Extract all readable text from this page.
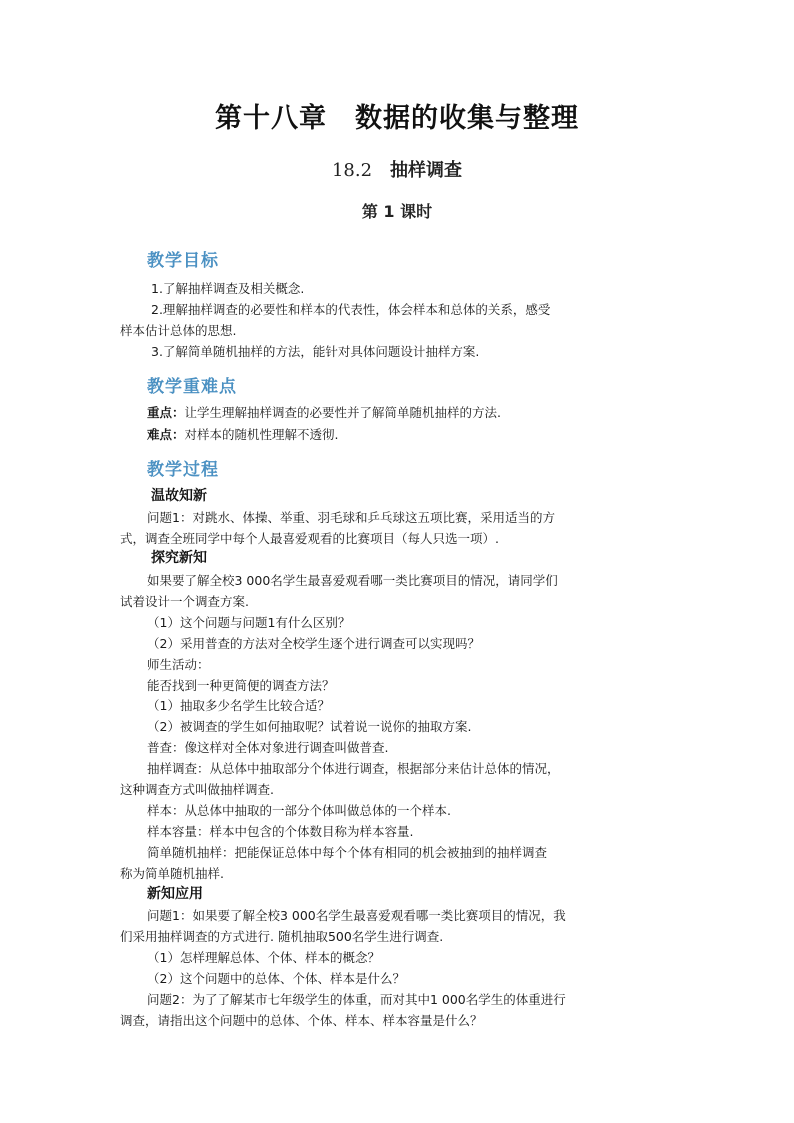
第十八章　数据的收集与整理
18.2 抽样调查
第 1 课时
教学目标
1.了解抽样调查及相关概念.
2.理解抽样调查的必要性和样本的代表性，体会样本和总体的关系，感受
样本估计总体的思想.
3.了解简单随机抽样的方法，能针对具体问题设计抽样方案.
教学重难点
重点：让学生理解抽样调查的必要性并了解简单随机抽样的方法.
难点：对样本的随机性理解不透彻.
教学过程
温故知新
问题1：对跳水、体操、举重、羽毛球和乒乓球这五项比赛，采用适当的方
式，调查全班同学中每个人最喜爱观看的比赛项目（每人只选一项）.
探究新知
如果要了解全校3 000名学生最喜爱观看哪一类比赛项目的情况，请同学们
试着设计一个调查方案.
（1）这个问题与问题1有什么区别？
（2）采用普查的方法对全校学生逐个进行调查可以实现吗？
师生活动：
能否找到一种更简便的调查方法？
（1）抽取多少名学生比较合适？
（2）被调查的学生如何抽取呢？试着说一说你的抽取方案.
普查：像这样对全体对象进行调查叫做普查.
抽样调查：从总体中抽取部分个体进行调查，根据部分来估计总体的情况，
这种调查方式叫做抽样调查.
样本：从总体中抽取的一部分个体叫做总体的一个样本.
样本容量：样本中包含的个体数目称为样本容量.
简单随机抽样：把能保证总体中每个个体有相同的机会被抽到的抽样调查
称为简单随机抽样.
新知应用
问题1：如果要了解全校3 000名学生最喜爱观看哪一类比赛项目的情况，我
们采用抽样调查的方式进行. 随机抽取500名学生进行调查.
（1）怎样理解总体、个体、样本的概念？
（2）这个问题中的总体、个体、样本是什么？
问题2：为了了解某市七年级学生的体重，而对其中1 000名学生的体重进行
调查，请指出这个问题中的总体、个体、样本、样本容量是什么？
